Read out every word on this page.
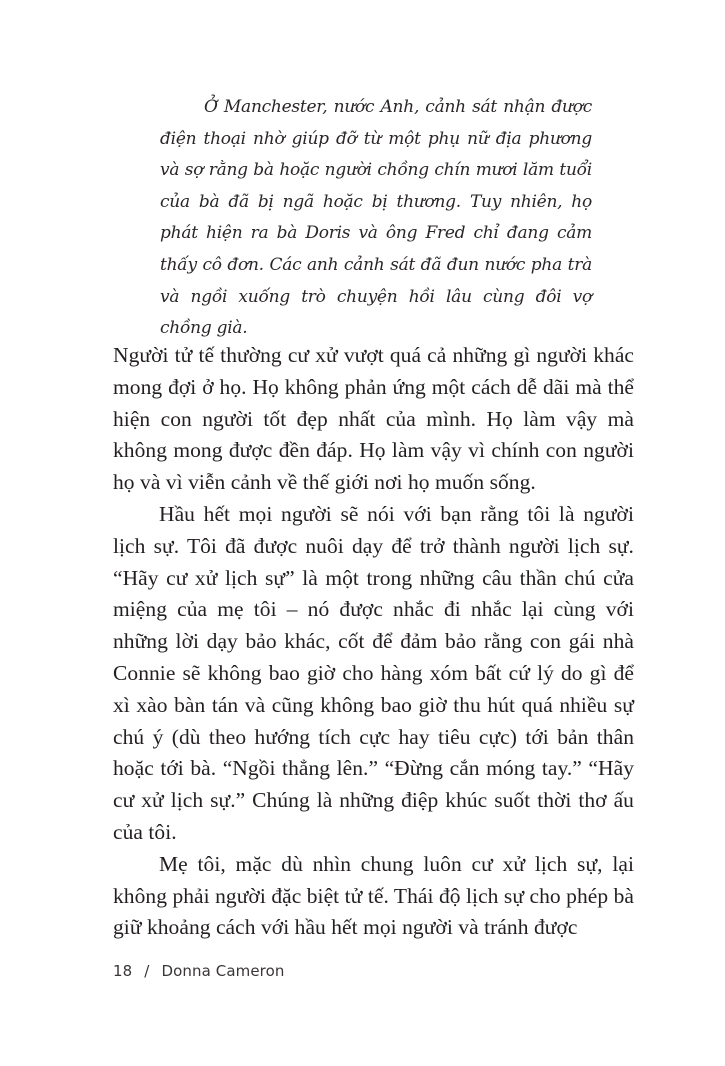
Ở Manchester, nước Anh, cảnh sát nhận được điện thoại nhờ giúp đỡ từ một phụ nữ địa phương và sợ rằng bà hoặc người chồng chín mươi lăm tuổi của bà đã bị ngã hoặc bị thương. Tuy nhiên, họ phát hiện ra bà Doris và ông Fred chỉ đang cảm thấy cô đơn. Các anh cảnh sát đã đun nước pha trà và ngồi xuống trò chuyện hồi lâu cùng đôi vợ chồng già.

Người tử tế thường cư xử vượt quá cả những gì người khác mong đợi ở họ. Họ không phản ứng một cách dễ dãi mà thể hiện con người tốt đẹp nhất của mình. Họ làm vậy mà không mong được đền đáp. Họ làm vậy vì chính con người họ và vì viễn cảnh về thế giới nơi họ muốn sống.

Hầu hết mọi người sẽ nói với bạn rằng tôi là người lịch sự. Tôi đã được nuôi dạy để trở thành người lịch sự. “Hãy cư xử lịch sự” là một trong những câu thần chú cửa miệng của mẹ tôi – nó được nhắc đi nhắc lại cùng với những lời dạy bảo khác, cốt để đảm bảo rằng con gái nhà Connie sẽ không bao giờ cho hàng xóm bất cứ lý do gì để xì xào bàn tán và cũng không bao giờ thu hút quá nhiều sự chú ý (dù theo hướng tích cực hay tiêu cực) tới bản thân hoặc tới bà. “Ngồi thẳng lên.” “Đừng cắn móng tay.” “Hãy cư xử lịch sự.” Chúng là những điệp khúc suốt thời thơ ấu của tôi.

Mẹ tôi, mặc dù nhìn chung luôn cư xử lịch sự, lại không phải người đặc biệt tử tế. Thái độ lịch sự cho phép bà giữ khoảng cách với hầu hết mọi người và tránh được

18 / Donna Cameron
